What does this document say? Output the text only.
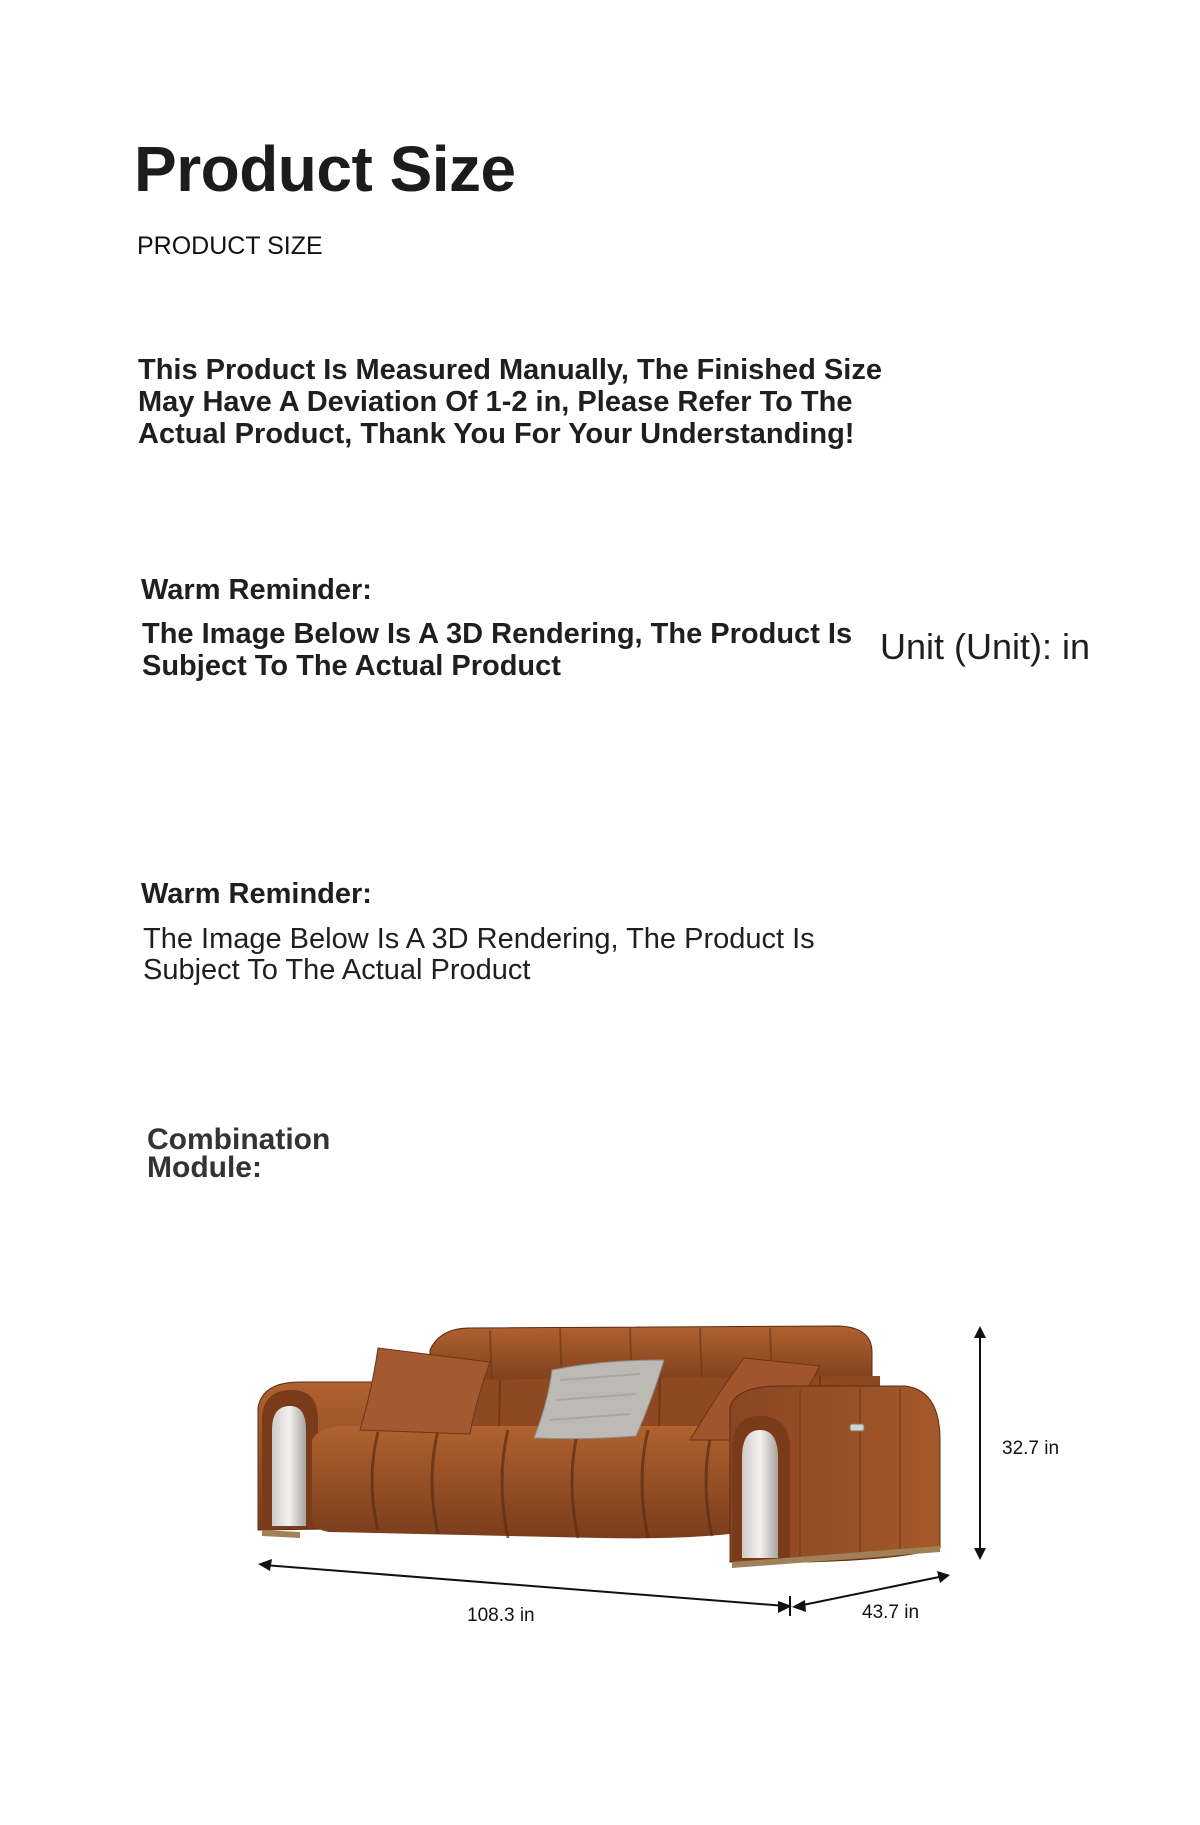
Product Size
PRODUCT SIZE
This Product Is Measured Manually, The Finished Size May Have A Deviation Of 1-2 in, Please Refer To The Actual Product, Thank You For Your Understanding!
Warm Reminder:
The Image Below Is A 3D Rendering, The Product Is Subject To The Actual Product	Unit (Unit): in
Warm Reminder:
The Image Below Is A 3D Rendering, The Product Is Subject To The Actual Product
Combination Module:
32.7 in
108.3 in	43.7 in
